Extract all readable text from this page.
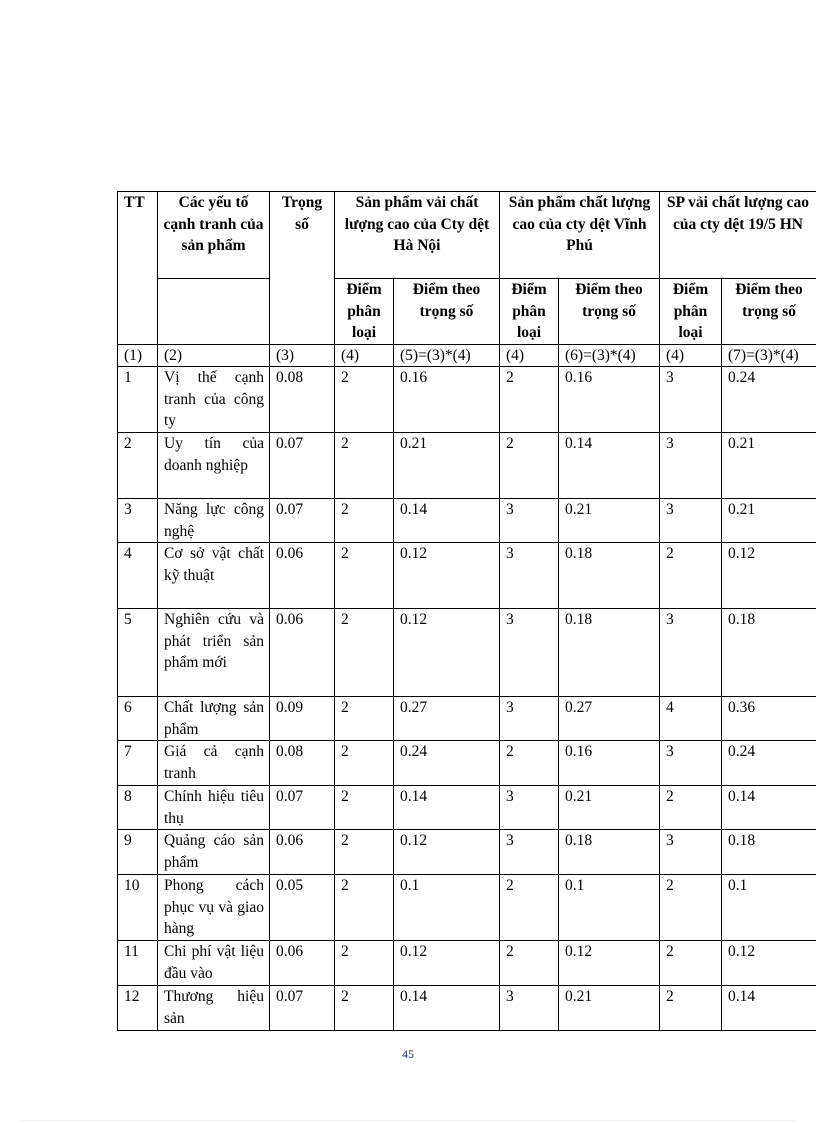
TT	Các yếu tố cạnh tranh của sản phẩm	Trọng số	Sản phẩm vải chất lượng cao của Cty dệt Hà Nội		Sản phẩm chất lượng cao của cty dệt Vĩnh Phú		SP vải chất lượng cao của cty dệt 19/5 HN	
			Điểm phân loại	Điểm theo trọng số	Điểm phân loại	Điểm theo trọng số	Điểm phân loại	Điểm theo trọng số
(1)	(2)	(3)	(4)	(5)=(3)*(4)	(4)	(6)=(3)*(4)	(4)	(7)=(3)*(4)
1	Vị thế cạnh tranh của công ty	0.08	2	0.16	2	0.16	3	0.24
2	Uy tín của doanh nghiệp	0.07	2	0.21	2	0.14	3	0.21
3	Năng lực công nghệ	0.07	2	0.14	3	0.21	3	0.21
4	Cơ sở vật chất kỹ thuật	0.06	2	0.12	3	0.18	2	0.12
5	Nghiên cứu và phát triển sản phẩm mới	0.06	2	0.12	3	0.18	3	0.18
6	Chất lượng sản phẩm	0.09	2	0.27	3	0.27	4	0.36
7	Giá cả cạnh tranh	0.08	2	0.24	2	0.16	3	0.24
8	Chính hiệu tiêu thụ	0.07	2	0.14	3	0.21	2	0.14
9	Quảng cáo sản phẩm	0.06	2	0.12	3	0.18	3	0.18
10	Phong cách phục vụ và giao hàng	0.05	2	0.1	2	0.1	2	0.1
11	Chi phí vật liệu đầu vào	0.06	2	0.12	2	0.12	2	0.12
12	Thương hiệu sản	0.07	2	0.14	3	0.21	2	0.14
45
